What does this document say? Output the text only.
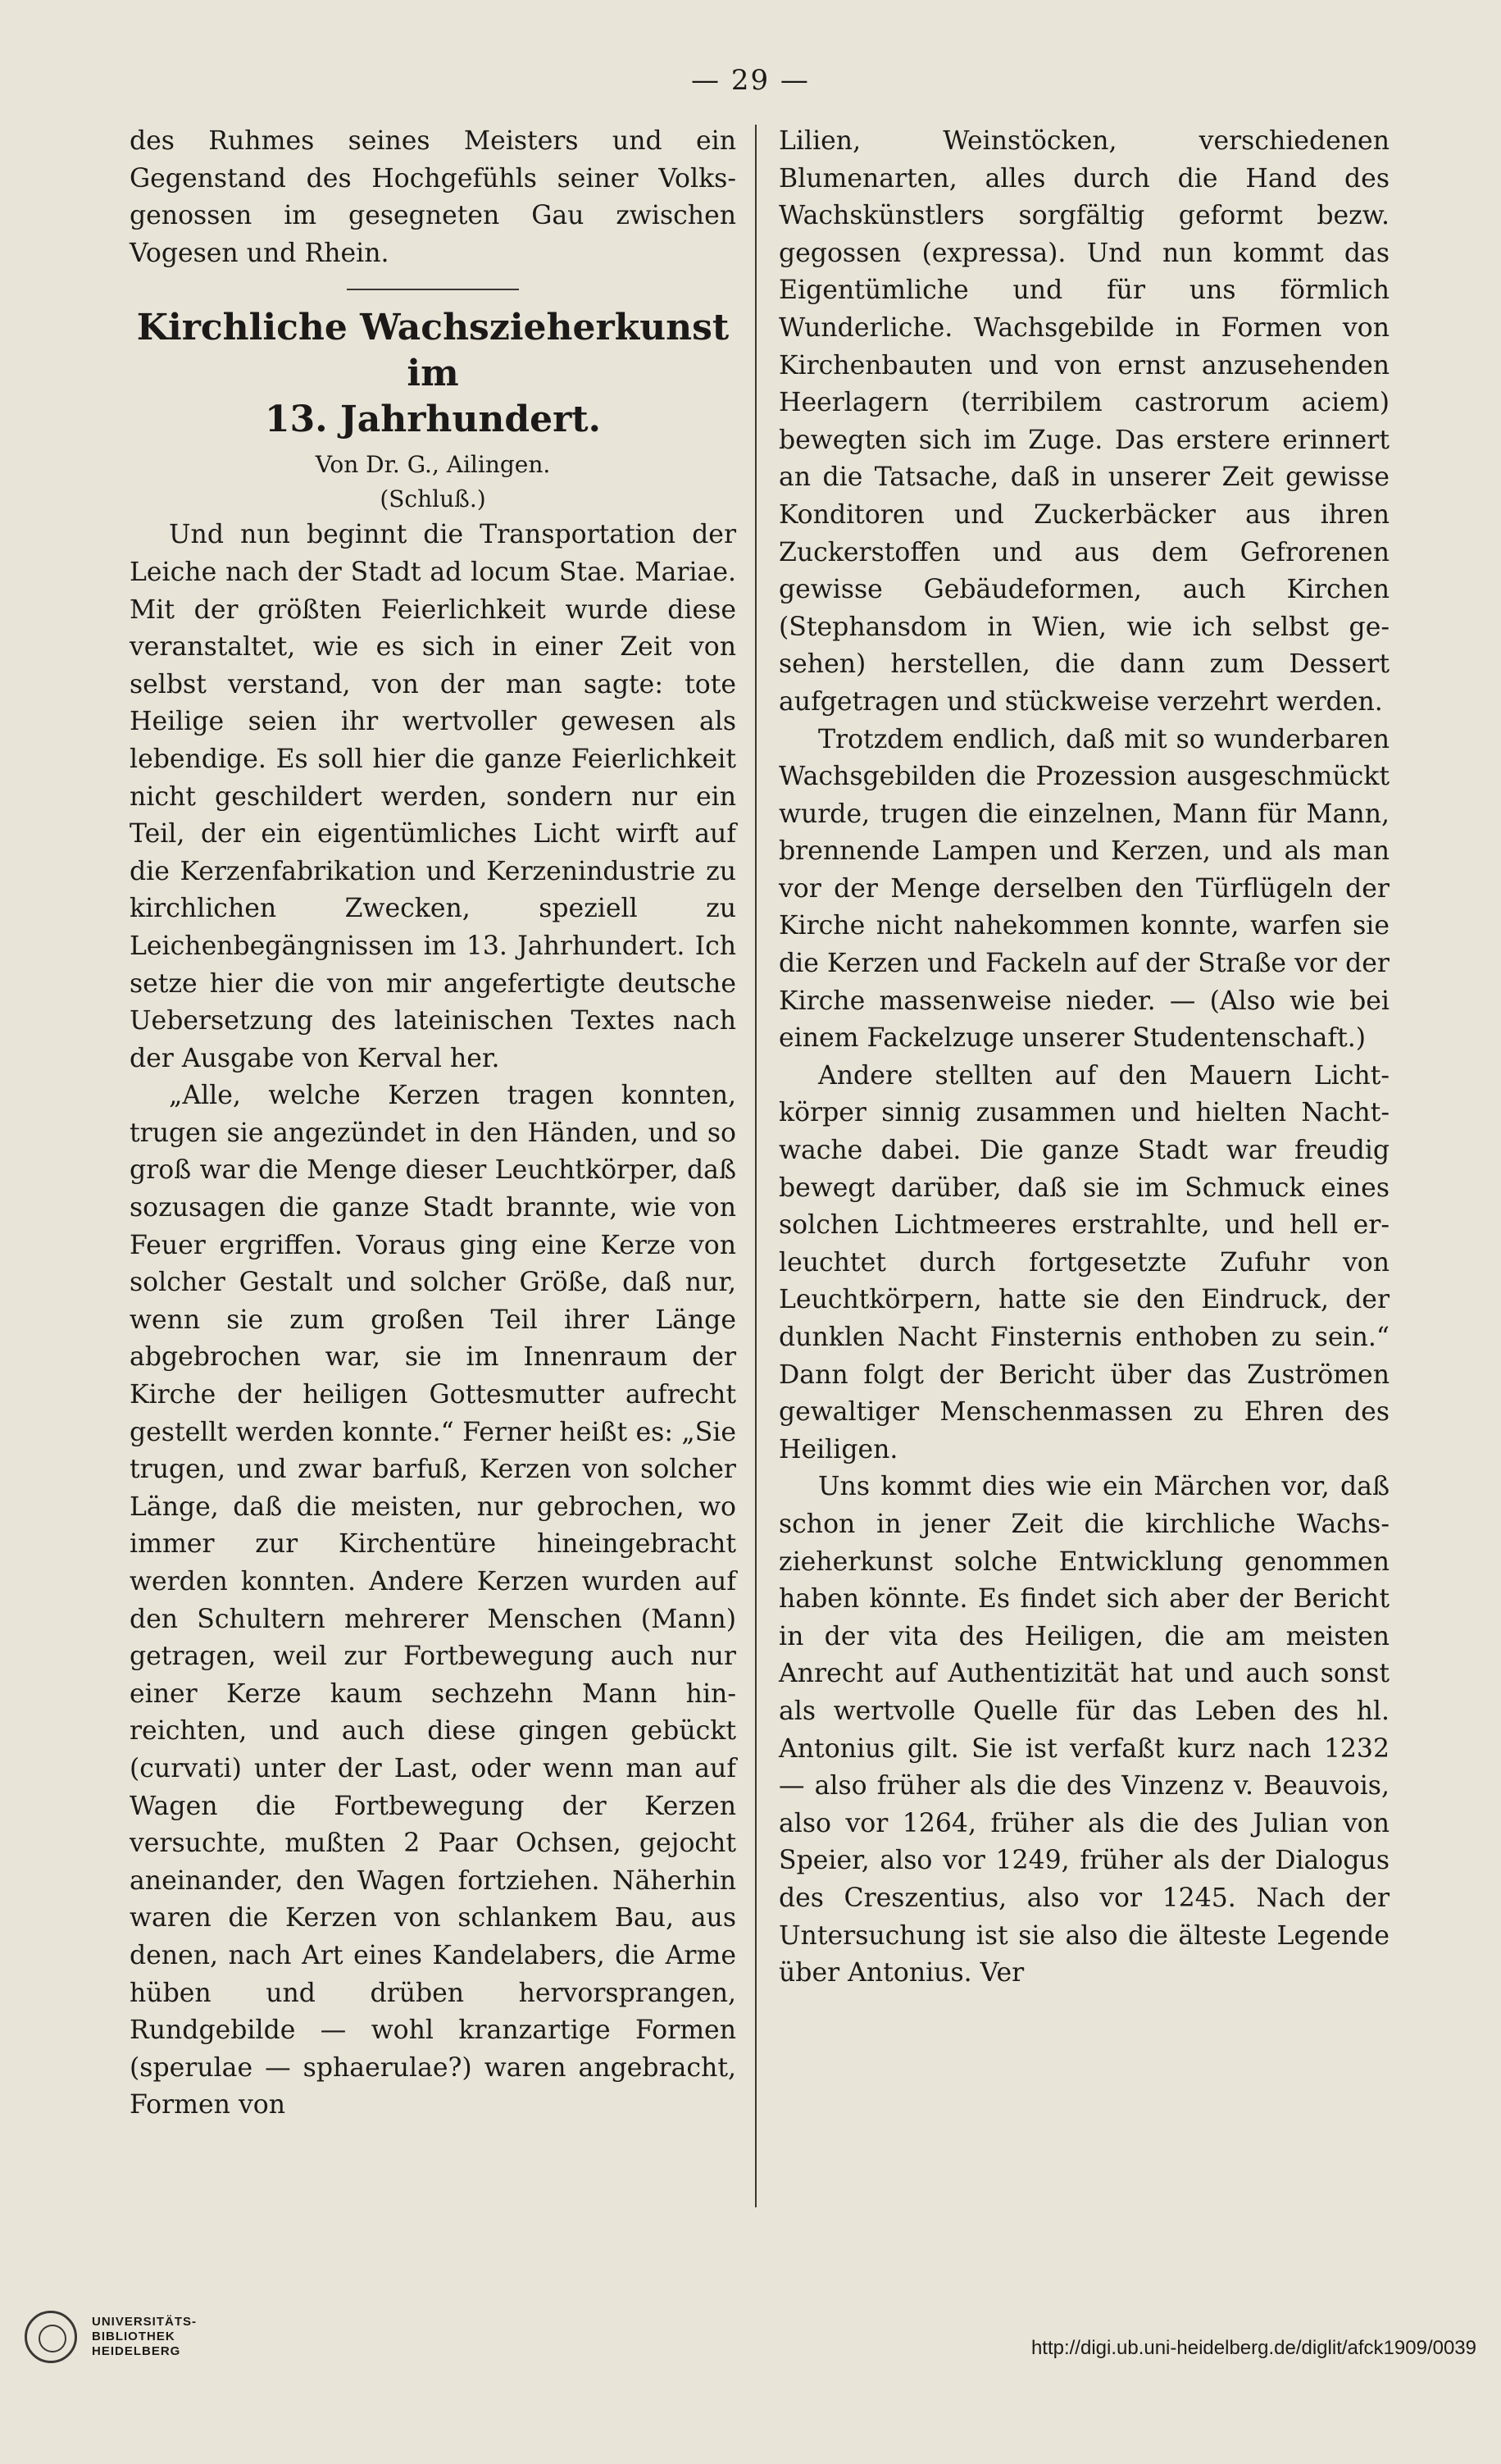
— 29 —

des Ruhmes seines Meisters und ein Gegenstand des Hochgefühls seiner Volksgenossen im gesegneten Gau zwischen Vogesen und Rhein.

Kirchliche Wachszieherkunst im
13. Jahrhundert.
Von Dr. G., Ailingen.
(Schluß.)

Und nun beginnt die Transportation der Leiche nach der Stadt ad locum Stae. Mariae. Mit der größten Feierlichkeit wurde diese veranstaltet, wie es sich in einer Zeit von selbst verstand, von der man sagte: tote Heilige seien ihr wertvoller gewesen als lebendige. Es soll hier die ganze Feierlichkeit nicht geschildert werden, sondern nur ein Teil, der ein eigentümliches Licht wirft auf die Kerzenfabrikation und Kerzenindustrie zu kirchlichen Zwecken, speziell zu Leichenbegängnissen im 13. Jahrhundert. Ich setze hier die von mir angefertigte deutsche Uebersetzung des lateinischen Textes nach der Ausgabe von Kerval her.

„Alle, welche Kerzen tragen konnten, trugen sie angezündet in den Händen, und so groß war die Menge dieser Leuchtkörper, daß sozusagen die ganze Stadt brannte, wie von Feuer ergriffen. Voraus ging eine Kerze von solcher Gestalt und solcher Größe, daß nur, wenn sie zum großen Teil ihrer Länge abgebrochen war, sie im Innenraum der Kirche der heiligen Gottesmutter aufrecht gestellt werden konnte.“ Ferner heißt es: „Sie trugen, und zwar barfuß, Kerzen von solcher Länge, daß die meisten, nur gebrochen, wo immer zur Kirchentüre hineingebracht werden konnten. Andere Kerzen wurden auf den Schultern mehrerer Menschen (Mann) getragen, weil zur Fortbewegung auch nur einer Kerze kaum sechzehn Mann hinreichten, und auch diese gingen gebückt (curvati) unter der Last, oder wenn man auf Wagen die Fortbewegung der Kerzen versuchte, mußten 2 Paar Ochsen, gejocht aneinander, den Wagen fortziehen. Näherhin waren die Kerzen von schlankem Bau, aus denen, nach Art eines Kandelabers, die Arme hüben und drüben hervorsprangen, Rundgebilde — wohl kranzartige Formen (sperulae — sphaerulae?) waren angebracht, Formen von

Lilien, Weinstöcken, verschiedenen Blumenarten, alles durch die Hand des Wachskünstlers sorgfältig geformt bezw. gegossen (expressa). Und nun kommt das Eigentümliche und für uns förmlich Wunderliche. Wachsgebilde in Formen von Kirchenbauten und von ernst anzusehenden Heerlagern (terribilem castrorum aciem) bewegten sich im Zuge. Das erstere erinnert an die Tatsache, daß in unserer Zeit gewisse Konditoren und Zuckerbäcker aus ihren Zuckerstoffen und aus dem Gefrorenen gewisse Gebäudeformen, auch Kirchen (Stephansdom in Wien, wie ich selbst gesehen) herstellen, die dann zum Dessert aufgetragen und stückweise verzehrt werden.

Trotzdem endlich, daß mit so wunderbaren Wachsgebilden die Prozession ausgeschmückt wurde, trugen die einzelnen, Mann für Mann, brennende Lampen und Kerzen, und als man vor der Menge derselben den Türflügeln der Kirche nicht nahekommen konnte, warfen sie die Kerzen und Fackeln auf der Straße vor der Kirche massenweise nieder. — (Also wie bei einem Fackelzuge unserer Studentenschaft.)

Andere stellten auf den Mauern Lichtkörper sinnig zusammen und hielten Nachtwache dabei. Die ganze Stadt war freudig bewegt darüber, daß sie im Schmuck eines solchen Lichtmeeres erstrahlte, und hell erleuchtet durch fortgesetzte Zufuhr von Leuchtkörpern, hatte sie den Eindruck, der dunklen Nacht Finsternis enthoben zu sein.“ Dann folgt der Bericht über das Zuströmen gewaltiger Menschenmassen zu Ehren des Heiligen.

Uns kommt dies wie ein Märchen vor, daß schon in jener Zeit die kirchliche Wachszieherkunst solche Entwicklung genommen haben könnte. Es findet sich aber der Bericht in der vita des Heiligen, die am meisten Anrecht auf Authentizität hat und auch sonst als wertvolle Quelle für das Leben des hl. Antonius gilt. Sie ist verfaßt kurz nach 1232 — also früher als die des Vinzenz v. Beauvois, also vor 1264, früher als die des Julian von Speier, also vor 1249, früher als der Dialogus des Creszentius, also vor 1245. Nach der Untersuchung ist sie also die älteste Legende über Antonius. Ver

UNIVERSITÄTS-
BIBLIOTHEK
HEIDELBERG	http://digi.ub.uni-heidelberg.de/diglit/afck1909/0039
